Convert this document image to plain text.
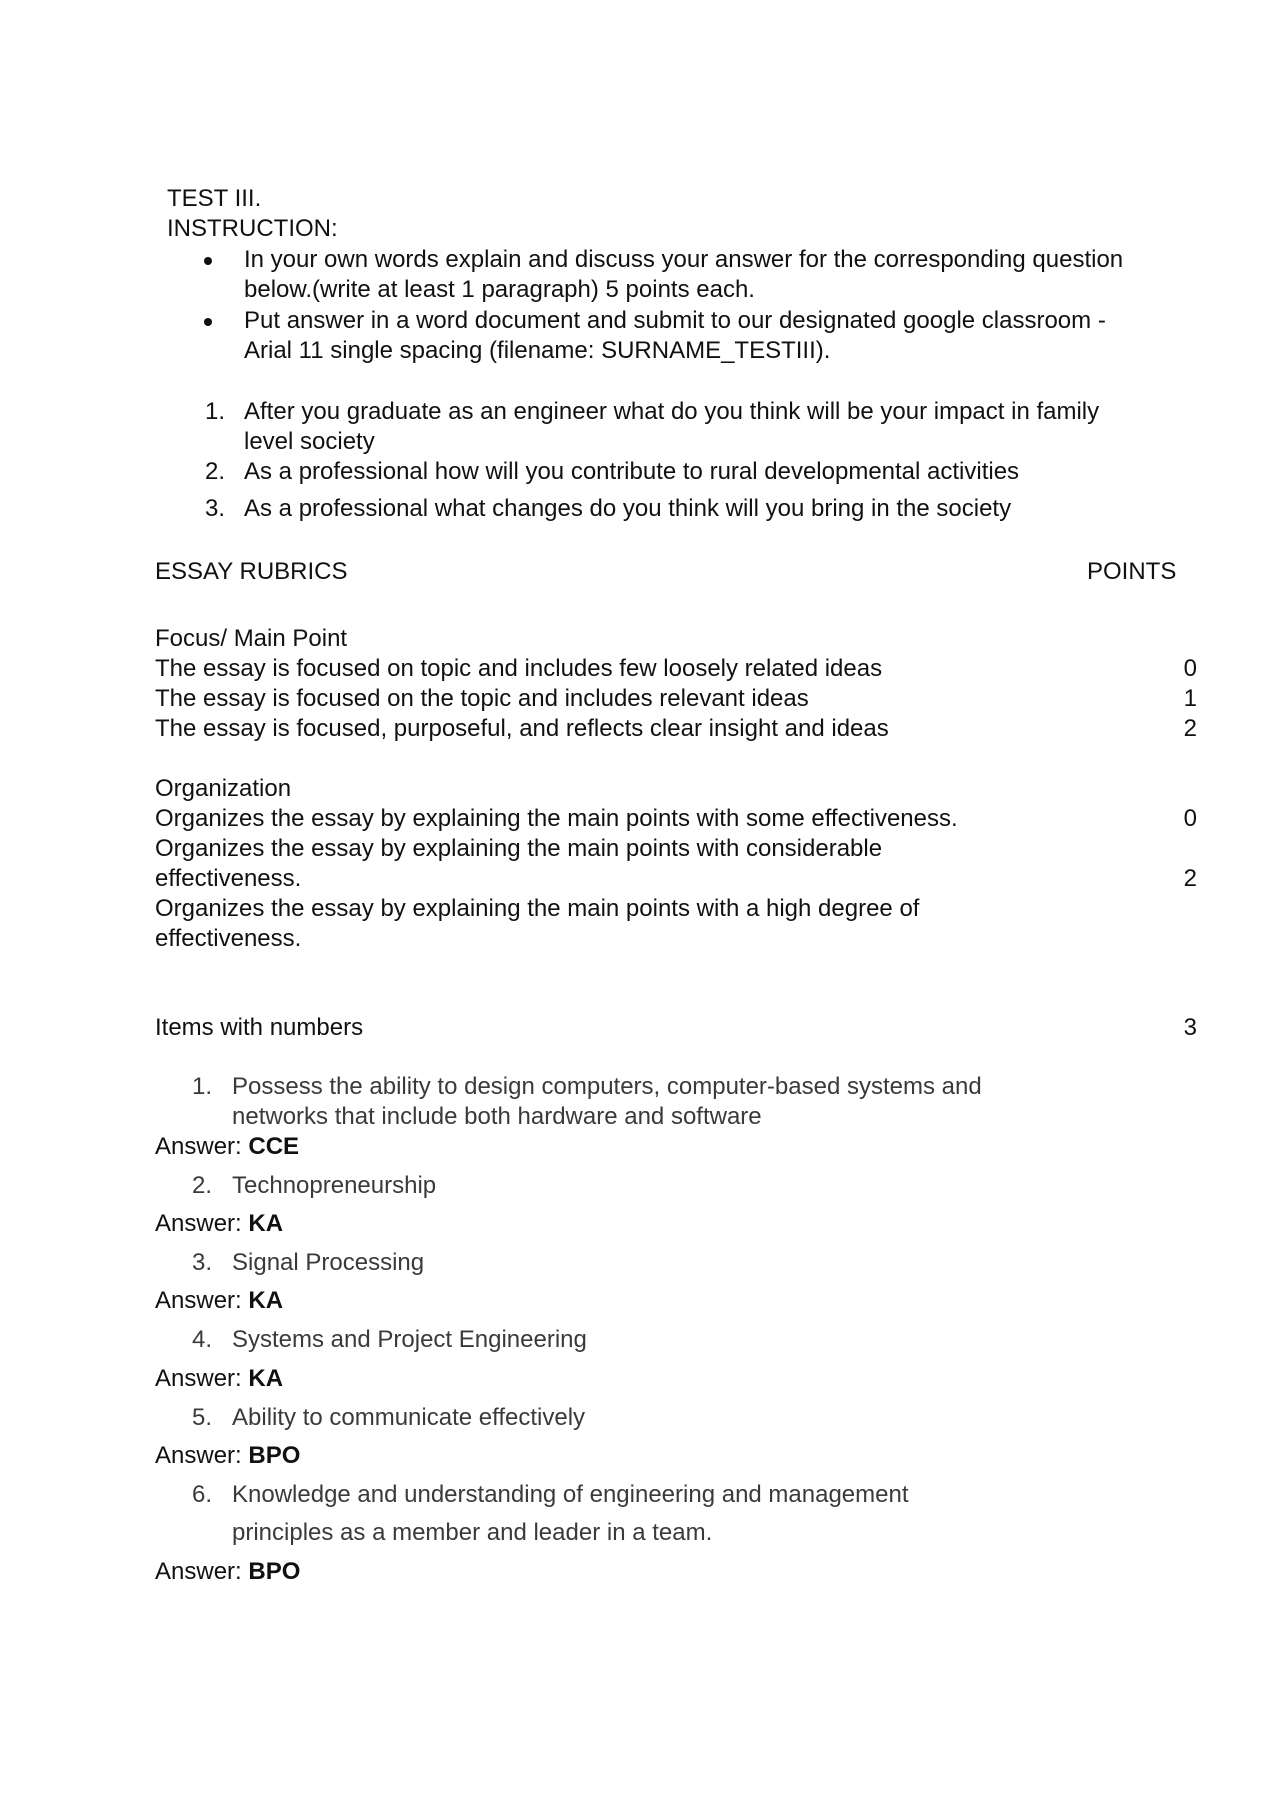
TEST III.
INSTRUCTION:
In your own words explain and discuss your answer for the corresponding question
below.(write at least 1 paragraph) 5 points each.
Put answer in a word document and submit to our designated google classroom -
Arial 11 single spacing (filename: SURNAME_TESTIII).
1. After you graduate as an engineer what do you think will be your impact in family
level society
2. As a professional how will you contribute to rural developmental activities
3. As a professional what changes do you think will you bring in the society
ESSAY RUBRICS	POINTS
Focus/ Main Point
The essay is focused on topic and includes few loosely related ideas	0
The essay is focused on the topic and includes relevant ideas	1
The essay is focused, purposeful, and reflects clear insight and ideas	2
Organization
Organizes the essay by explaining the main points with some effectiveness.	0
Organizes the essay by explaining the main points with considerable
effectiveness.	2
Organizes the essay by explaining the main points with a high degree of
effectiveness.
Items with numbers	3
1. Possess the ability to design computers, computer-based systems and
networks that include both hardware and software
Answer: CCE
2. Technopreneurship
Answer: KA
3. Signal Processing
Answer: KA
4. Systems and Project Engineering
Answer: KA
5. Ability to communicate effectively
Answer: BPO
6. Knowledge and understanding of engineering and management
principles as a member and leader in a team.
Answer: BPO
